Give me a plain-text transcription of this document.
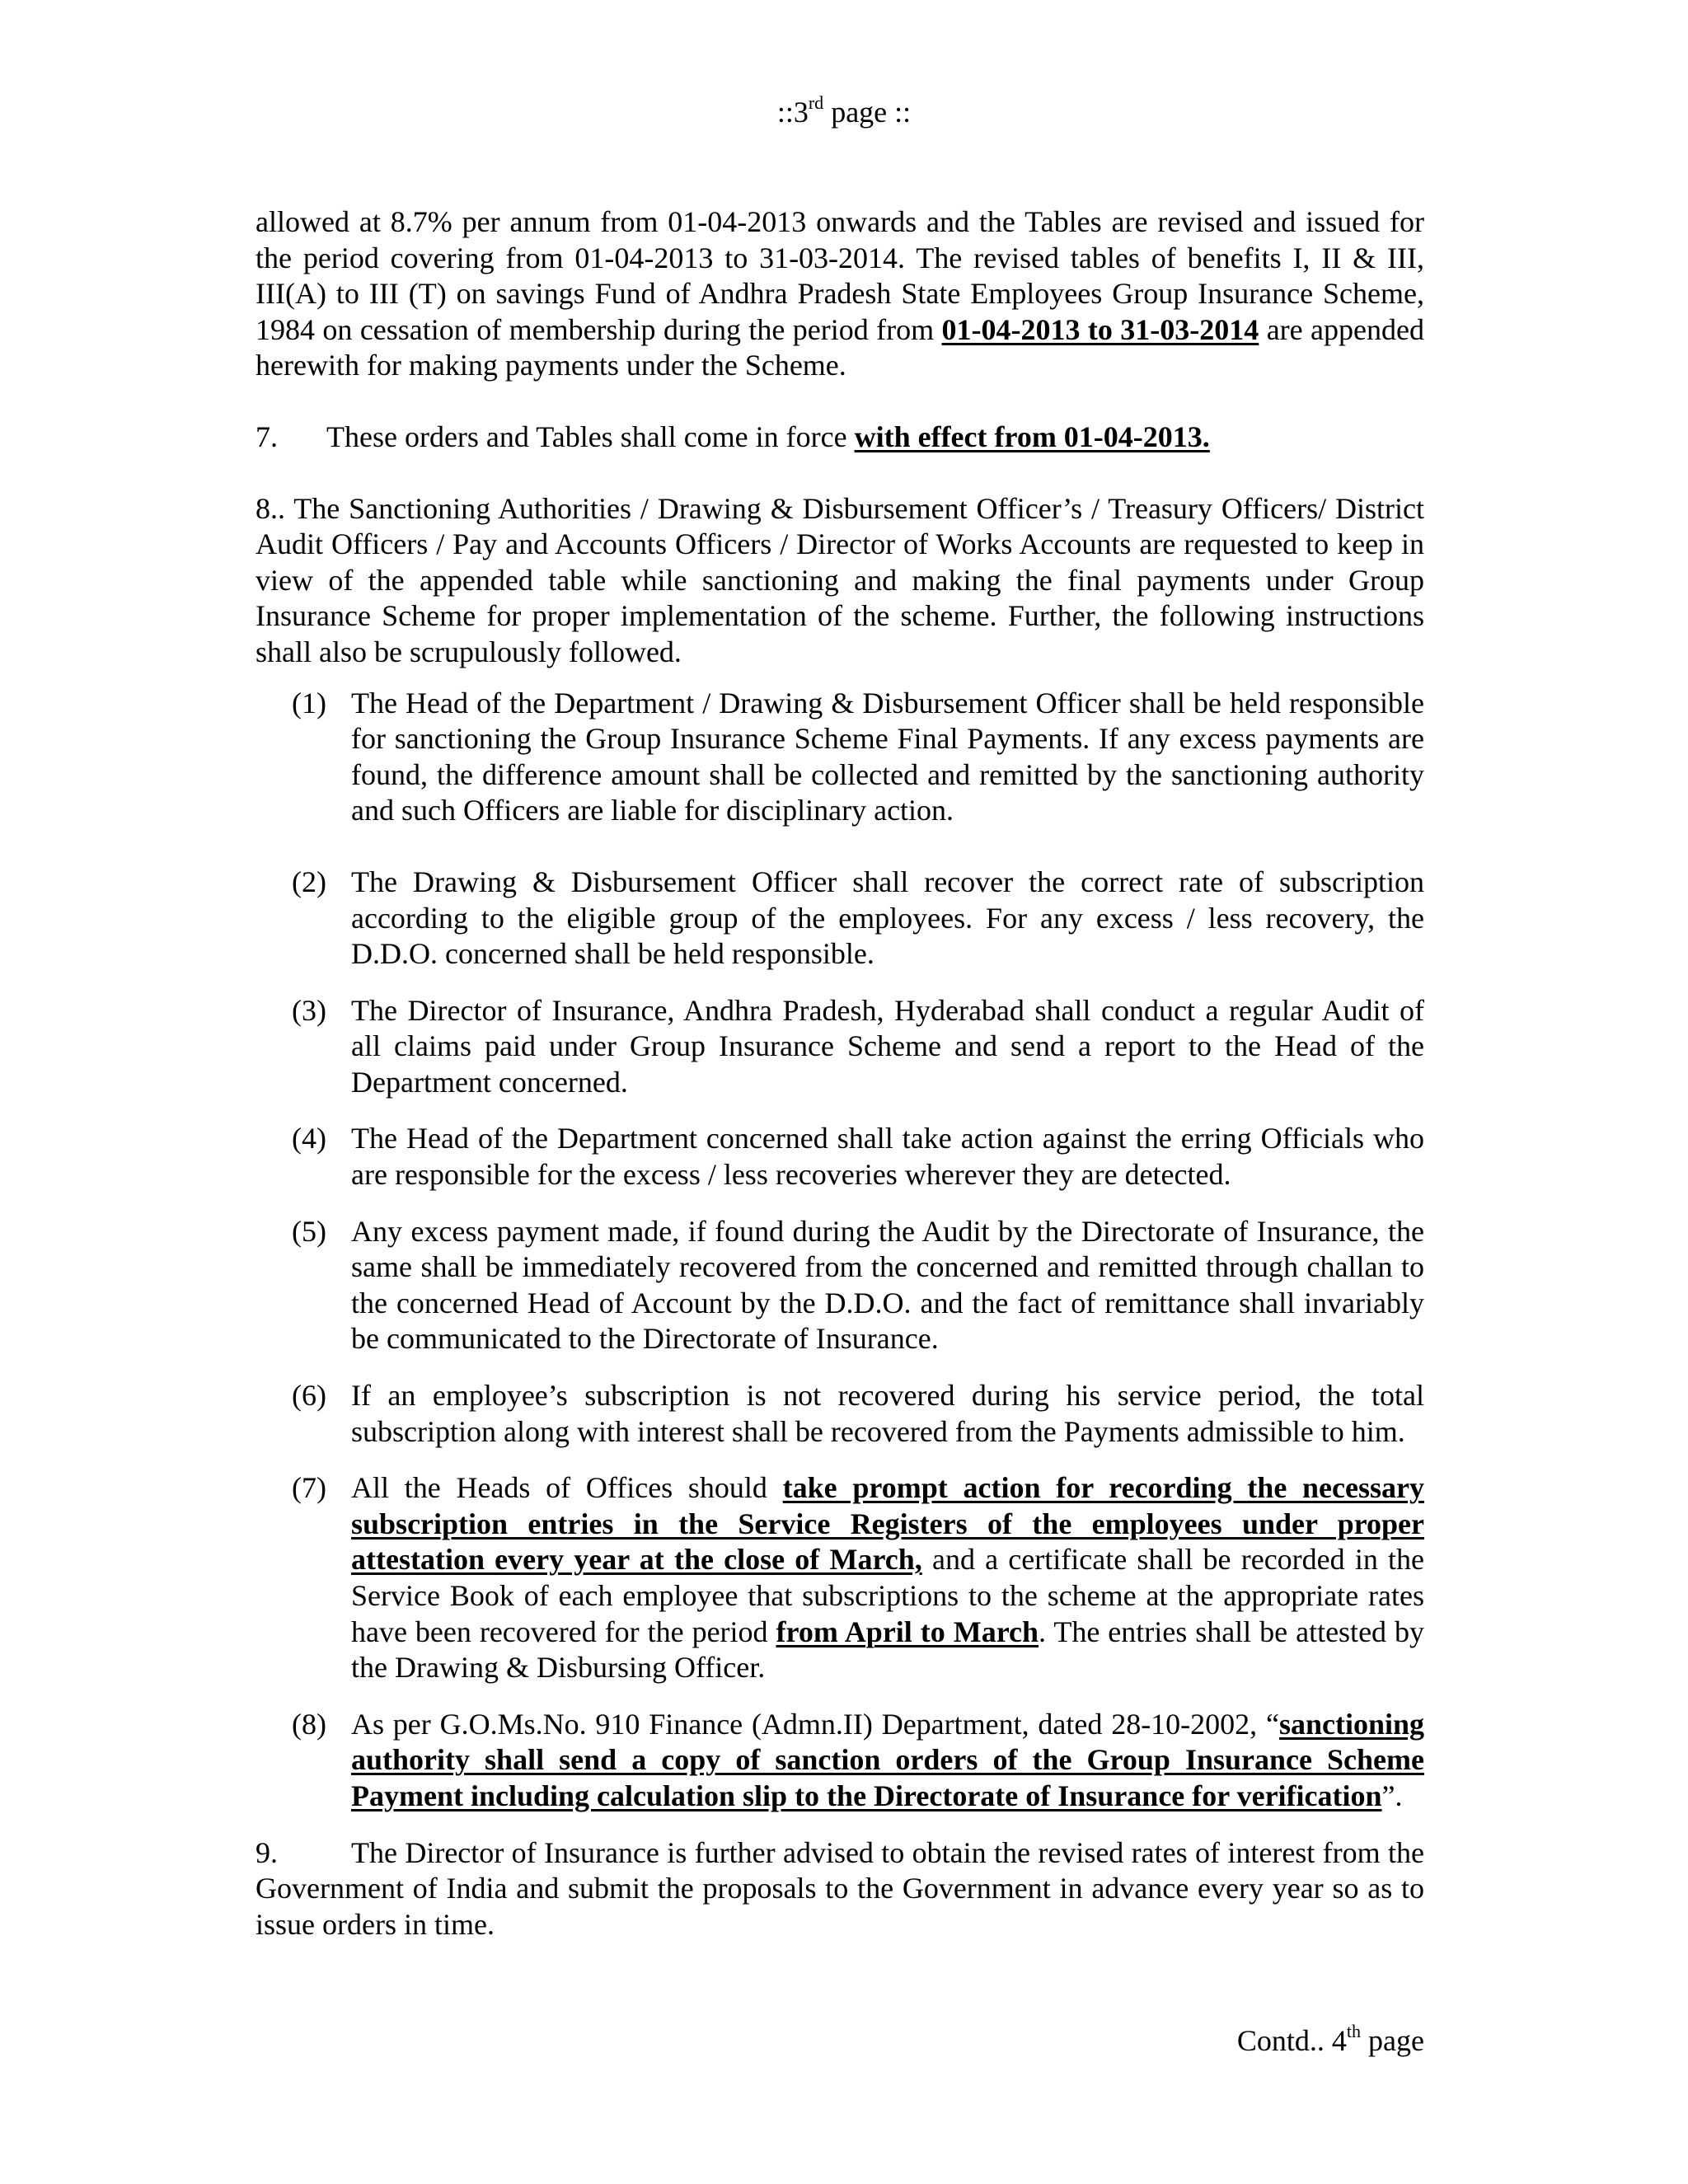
::3rd page ::

allowed at 8.7% per annum from 01-04-2013 onwards and the Tables are revised and issued for the period covering from 01-04-2013 to 31-03-2014. The revised tables of benefits I, II & III, III(A) to III (T) on savings Fund of Andhra Pradesh State Employees Group Insurance Scheme, 1984 on cessation of membership during the period from 01-04-2013 to 31-03-2014 are appended herewith for making payments under the Scheme.

7. These orders and Tables shall come in force with effect from 01-04-2013.

8.. The Sanctioning Authorities / Drawing & Disbursement Officer’s / Treasury Officers/ District Audit Officers / Pay and Accounts Officers / Director of Works Accounts are requested to keep in view of the appended table while sanctioning and making the final payments under Group Insurance Scheme for proper implementation of the scheme. Further, the following instructions shall also be scrupulously followed.

(1) The Head of the Department / Drawing & Disbursement Officer shall be held responsible for sanctioning the Group Insurance Scheme Final Payments. If any excess payments are found, the difference amount shall be collected and remitted by the sanctioning authority and such Officers are liable for disciplinary action.
(2) The Drawing & Disbursement Officer shall recover the correct rate of subscription according to the eligible group of the employees. For any excess / less recovery, the D.D.O. concerned shall be held responsible.
(3) The Director of Insurance, Andhra Pradesh, Hyderabad shall conduct a regular Audit of all claims paid under Group Insurance Scheme and send a report to the Head of the Department concerned.
(4) The Head of the Department concerned shall take action against the erring Officials who are responsible for the excess / less recoveries wherever they are detected.
(5) Any excess payment made, if found during the Audit by the Directorate of Insurance, the same shall be immediately recovered from the concerned and remitted through challan to the concerned Head of Account by the D.D.O. and the fact of remittance shall invariably be communicated to the Directorate of Insurance.
(6) If an employee’s subscription is not recovered during his service period, the total subscription along with interest shall be recovered from the Payments admissible to him.
(7) All the Heads of Offices should take prompt action for recording the necessary subscription entries in the Service Registers of the employees under proper attestation every year at the close of March, and a certificate shall be recorded in the Service Book of each employee that subscriptions to the scheme at the appropriate rates have been recovered for the period from April to March. The entries shall be attested by the Drawing & Disbursing Officer.
(8) As per G.O.Ms.No. 910 Finance (Admn.II) Department, dated 28-10-2002, “sanctioning authority shall send a copy of sanction orders of the Group Insurance Scheme Payment including calculation slip to the Directorate of Insurance for verification”.

9. The Director of Insurance is further advised to obtain the revised rates of interest from the Government of India and submit the proposals to the Government in advance every year so as to issue orders in time.

Contd.. 4th page
